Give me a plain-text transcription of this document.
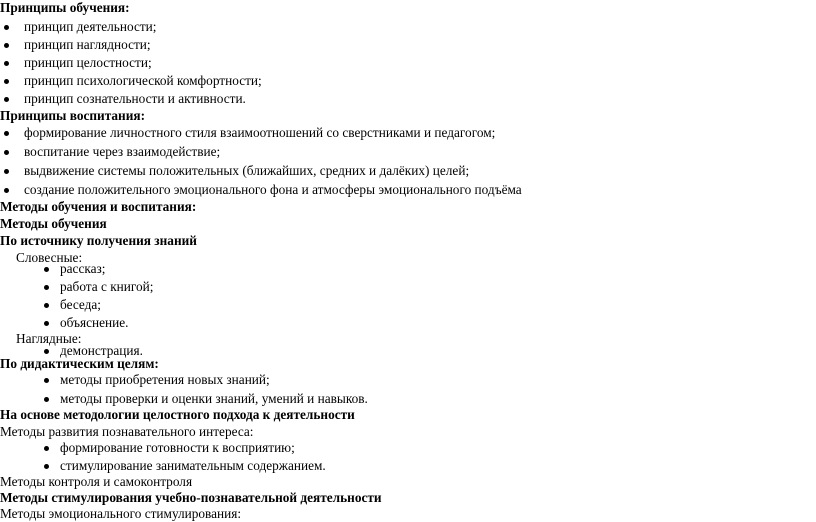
Принципы обучения:
принцип деятельности;
принцип наглядности;
принцип целостности;
принцип психологической комфортности;
принцип сознательности и активности.
Принципы воспитания:
формирование личностного стиля взаимоотношений со сверстниками и педагогом;
воспитание через взаимодействие;
выдвижение системы положительных (ближайших, средних и далёких) целей;
создание положительного эмоционального фона и атмосферы эмоционального подъёма
Методы обучения и воспитания:
Методы обучения
По источнику получения знаний
Словесные:
рассказ;
работа с книгой;
беседа;
объяснение.
Наглядные:
демонстрация.
По дидактическим целям:
методы приобретения новых знаний;
методы проверки и оценки знаний, умений и навыков.
На основе методологии целостного подхода к деятельности
Методы развития познавательного интереса:
формирование готовности к восприятию;
стимулирование занимательным содержанием.
Методы контроля и самоконтроля
Методы стимулирования учебно-познавательной деятельности
Методы эмоционального стимулирования:
